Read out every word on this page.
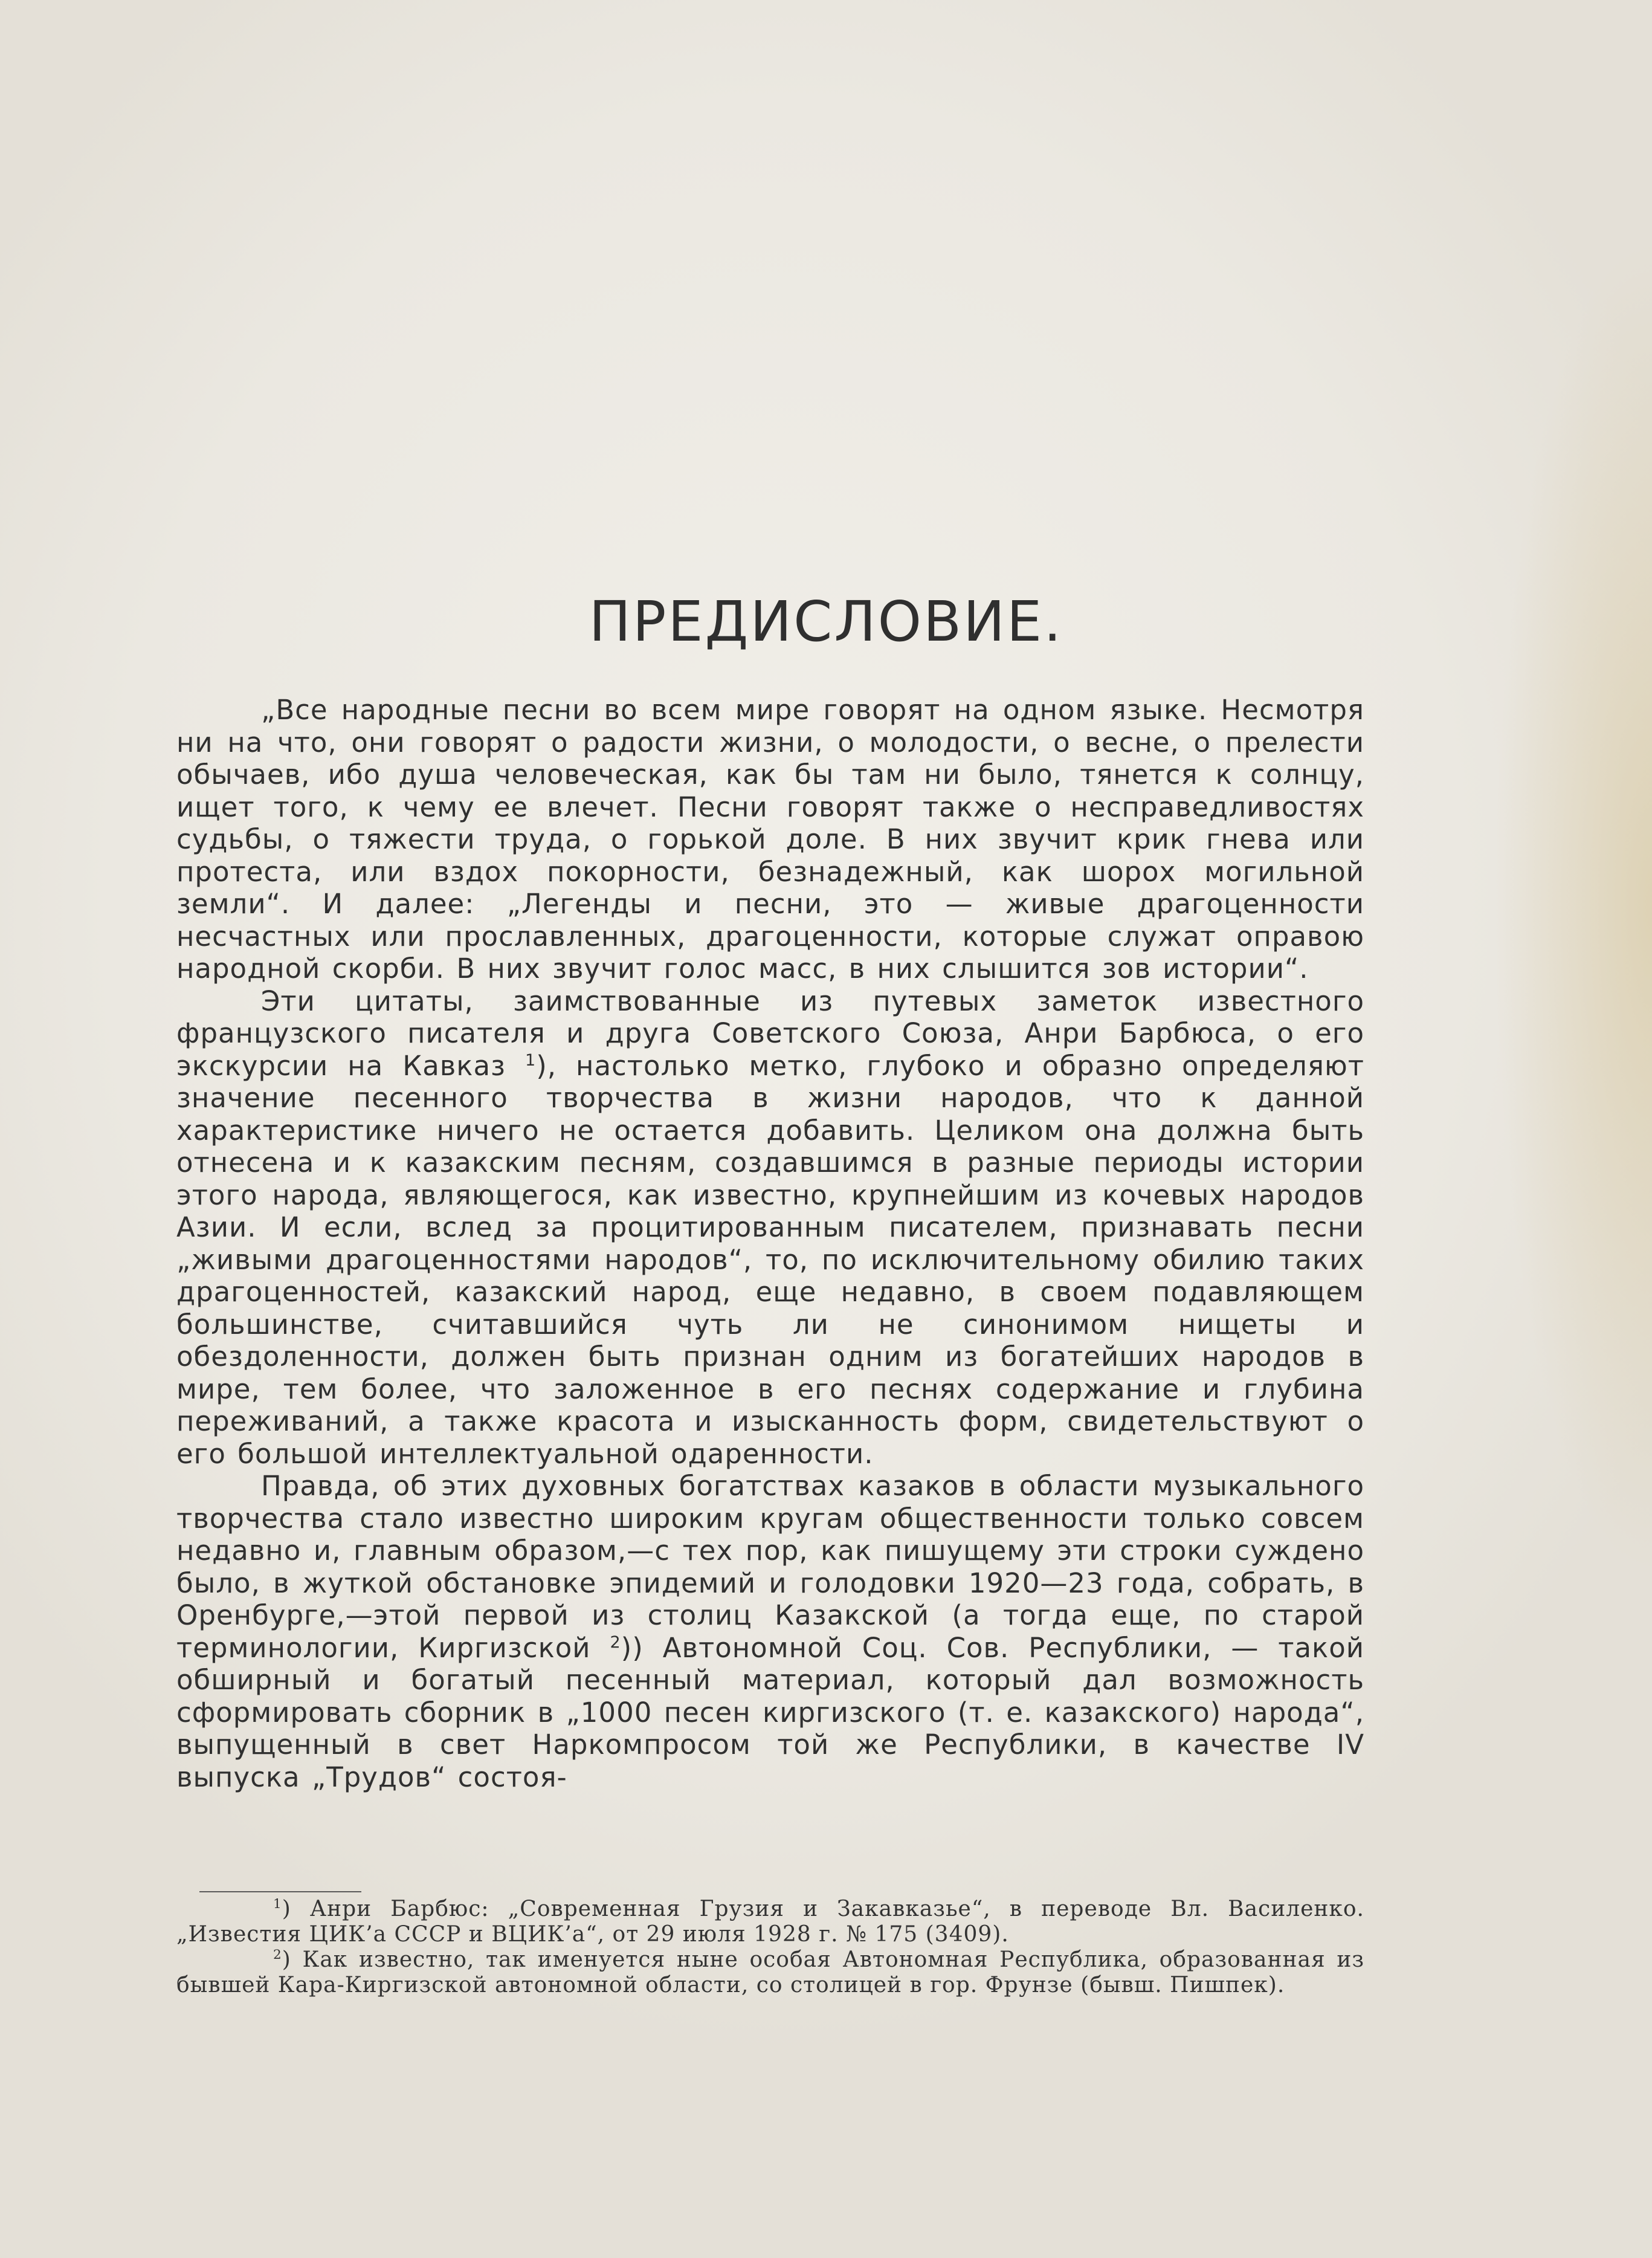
ПРЕДИСЛОВИЕ.

„Все народные песни во всем мире говорят на одном языке. Несмотря ни на что, они говорят о радости жизни, о молодости, о весне, о прелести обычаев, ибо душа человеческая, как бы там ни было, тянется к солнцу, ищет того, к чему ее влечет. Песни говорят также о несправедливостях судьбы, о тяжести труда, о горькой доле. В них звучит крик гнева или протеста, или вздох покорности, безнадежный, как шорох могильной земли“. И далее: „Легенды и песни, это — живые драгоценности несчастных или прославленных, драгоценности, которые служат оправою народной скорби. В них звучит голос масс, в них слышится зов истории“.

Эти цитаты, заимствованные из путевых заметок известного французского писателя и друга Советского Союза, Анри Барбюса, о его экскурсии на Кавказ $^1$), настолько метко, глубоко и образно определяют значение песенного творчества в жизни народов, что к данной характеристике ничего не остается добавить. Целиком она должна быть отнесена и к казакским песням, создавшимся в разные периоды истории этого народа, являющегося, как известно, крупнейшим из кочевых народов Азии. И если, вслед за процитированным писателем, признавать песни „живыми драгоценностями народов“, то, по исключительному обилию таких драгоценностей, казакский народ, еще недавно, в своем подавляющем большинстве, считавшийся чуть ли не синонимом нищеты и обездоленности, должен быть признан одним из богатейших народов в мире, тем более, что заложенное в его песнях содержание и глубина переживаний, а также красота и изысканность форм, свидетельствуют о его большой интеллектуальной одаренности.

Правда, об этих духовных богатствах казаков в области музыкального творчества стало известно широким кругам общественности только совсем недавно и, главным образом,—с тех пор, как пишущему эти строки суждено было, в жуткой обстановке эпидемий и голодовки 1920—23 года, собрать, в Оренбурге,—этой первой из столиц Казакской (а тогда еще, по старой терминологии, Киргизской $^2$)) Автономной Соц. Сов. Республики, — такой обширный и богатый песенный материал, который дал возможность сформировать сборник в „1000 песен киргизского (т. е. казакского) народа“, выпущенный в свет Наркомпросом той же Республики, в качестве IV выпуска „Трудов“ состоя-

$^1$) Анри Барбюс: „Современная Грузия и Закавказье“, в переводе Вл. Василенко. „Известия ЦИК’а СССР и ВЦИК’а“, от 29 июля 1928 г. № 175 (3409).

$^2$) Как известно, так именуется ныне особая Автономная Республика, образованная из бывшей Кара-Киргизской автономной области, со столицей в гор. Фрунзе (бывш. Пишпек).
